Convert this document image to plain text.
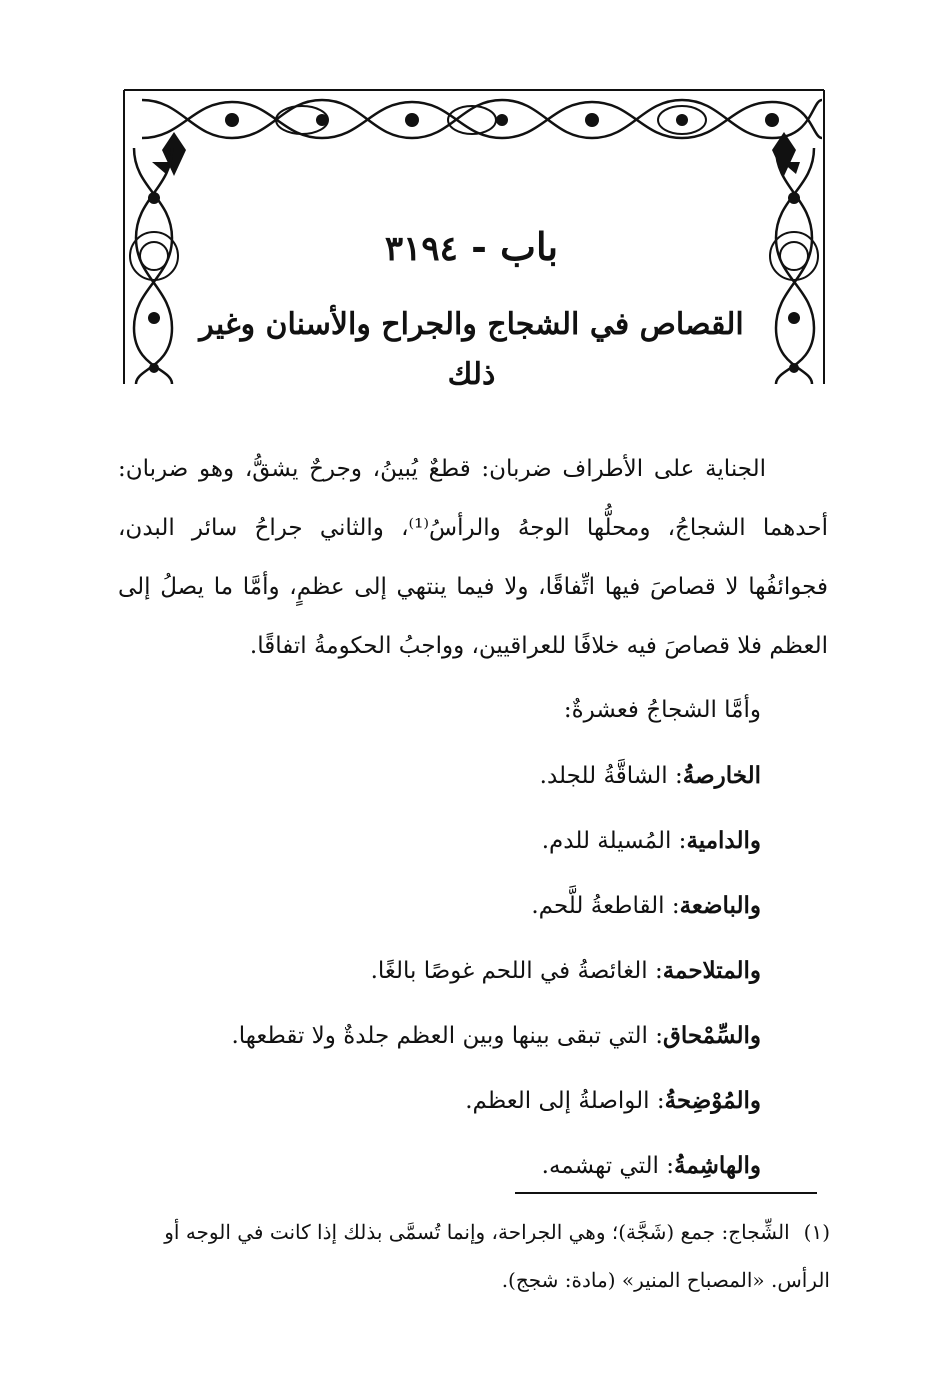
باب - ٣١٩٤
القصاص في الشجاج والجراح والأسنان وغير ذلك

الجناية على الأطراف ضربان: قطعٌ يُبينُ، وجرحٌ يشقُّ، وهو ضربان: أحدهما الشجاجُ، ومحلُّها الوجهُ والرأسُ⁽¹⁾، والثاني جراحُ سائر البدن، فجوائفُها لا قصاصَ فيها اتِّفاقًا، ولا فيما ينتهي إلى عظمٍ، وأمَّا ما يصلُ إلى العظم فلا قصاصَ فيه خلافًا للعراقيين، وواجبُ الحكومةُ اتفاقًا.

وأمَّا الشجاجُ فعشرةٌ:
الخارصةُ: الشاقَّةُ للجلد.
والدامية: المُسيلة للدم.
والباضعة: القاطعةُ للَّحم.
والمتلاحمة: الغائصةُ في اللحم غوصًا بالغًا.
والسِّمْحاق: التي تبقى بينها وبين العظم جلدةٌ ولا تقطعها.
والمُوْضِحةُ: الواصلةُ إلى العظم.
والهاشِمةُ: التي تهشمه.
(١)الشِّجاج: جمع (شَجَّة)؛ وهي الجراحة، وإنما تُسمَّى بذلك إذا كانت في الوجه أو الرأس. «المصباح المنير» (مادة: شجج).
